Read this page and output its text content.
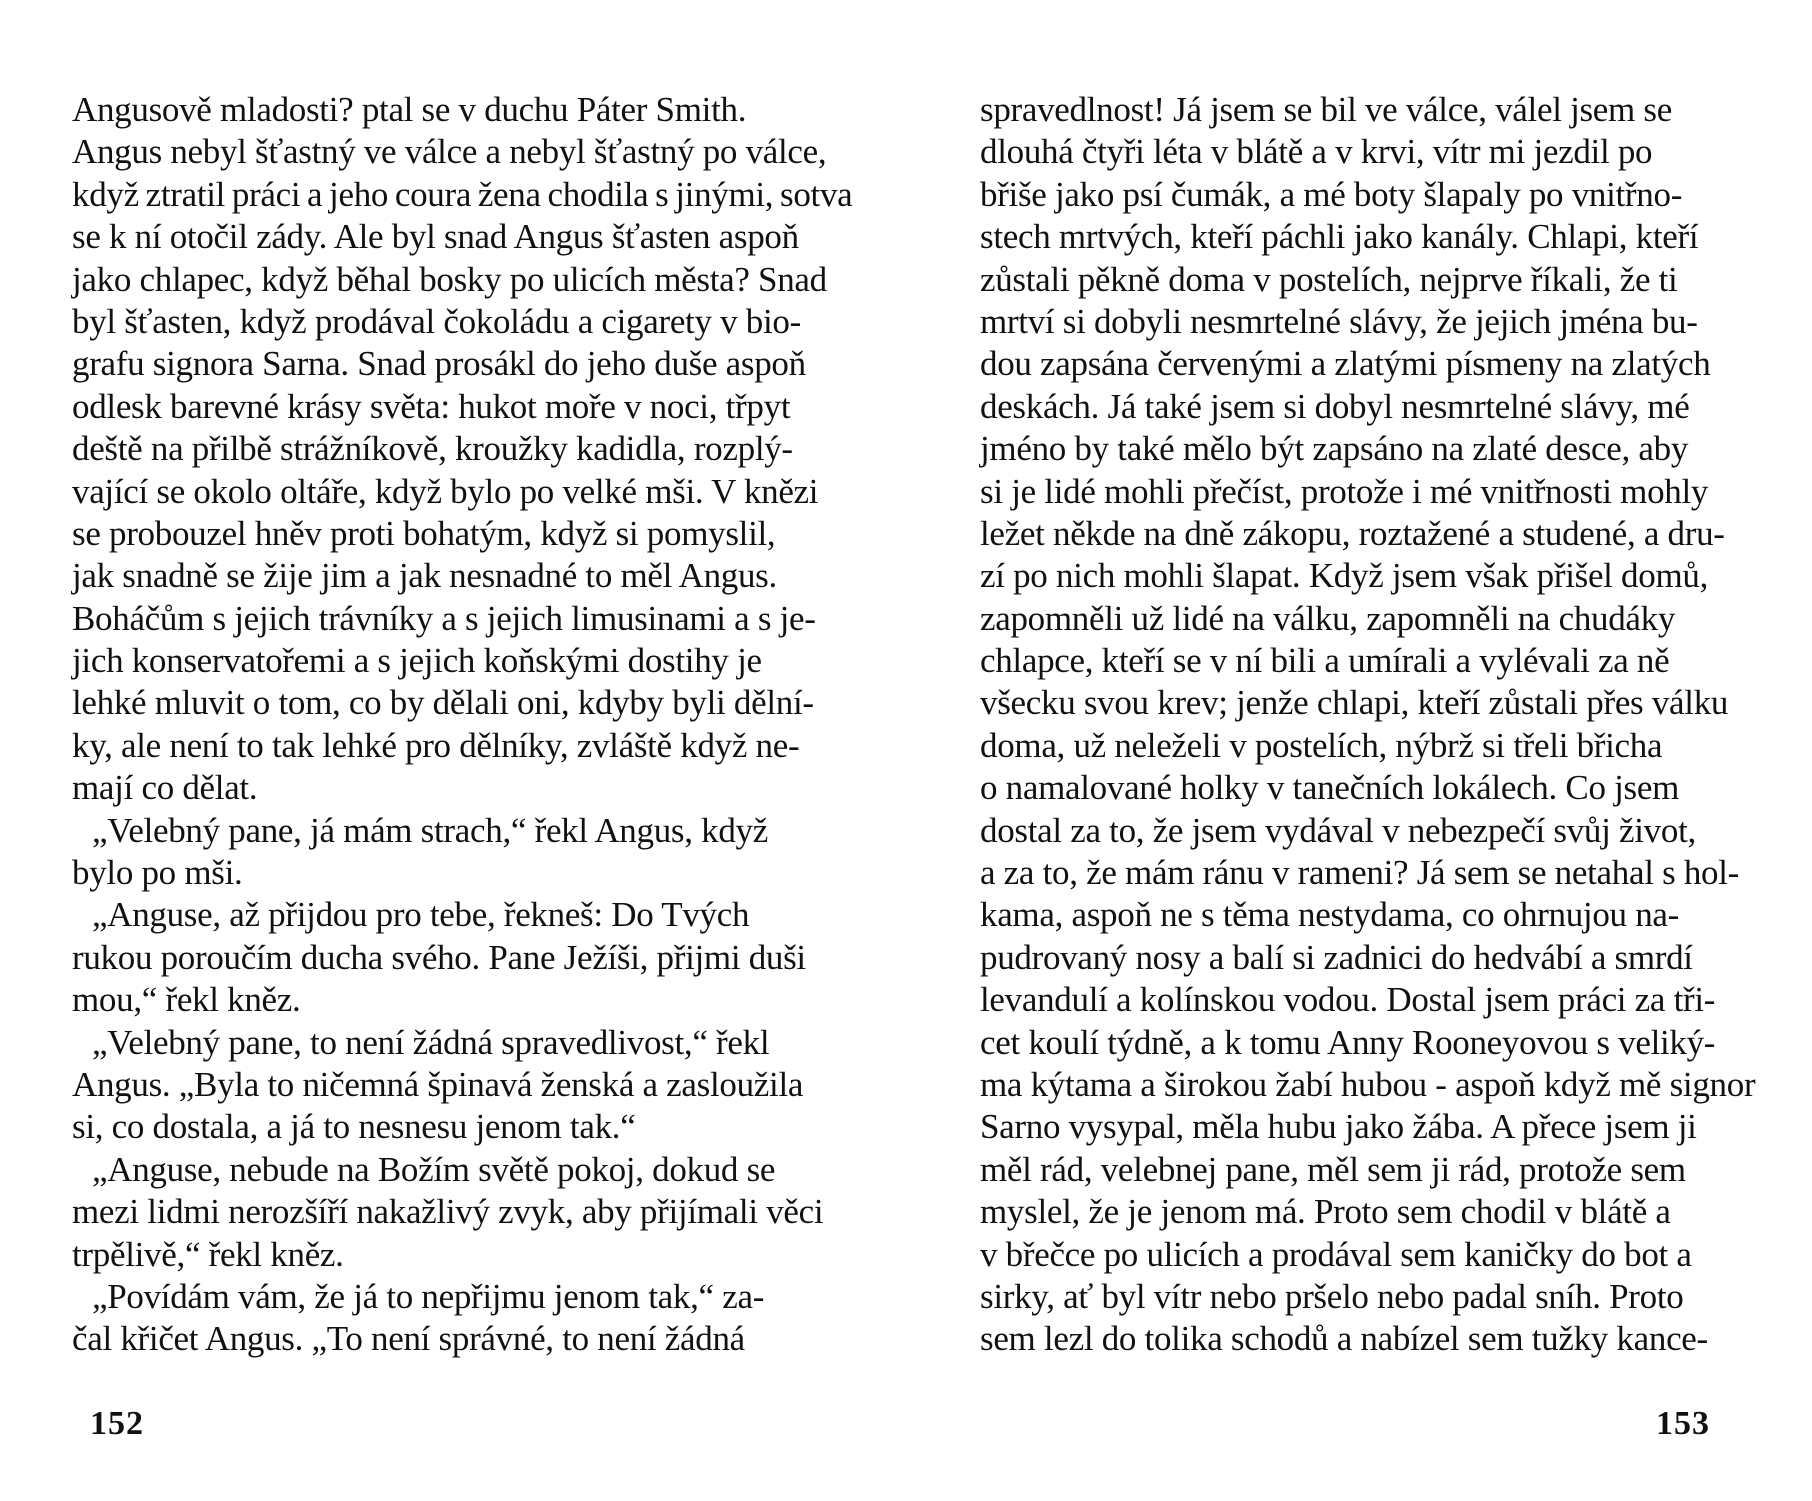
Angusově mladosti? ptal se v duchu Páter Smith.
Angus nebyl šťastný ve válce a nebyl šťastný po válce,
když ztratil práci a jeho coura žena chodila s jinými, sotva
se k ní otočil zády. Ale byl snad Angus šťasten aspoň
jako chlapec, když běhal bosky po ulicích města? Snad
byl šťasten, když prodával čokoládu a cigarety v bio-
grafu signora Sarna. Snad prosákl do jeho duše aspoň
odlesk barevné krásy světa: hukot moře v noci, třpyt
deště na přilbě strážníkově, kroužky kadidla, rozplý-
vající se okolo oltáře, když bylo po velké mši. V knězi
se probouzel hněv proti bohatým, když si pomyslil,
jak snadně se žije jim a jak nesnadné to měl Angus.
Boháčům s jejich trávníky a s jejich limusinami a s je-
jich konservatořemi a s jejich koňskými dostihy je
lehké mluvit o tom, co by dělali oni, kdyby byli dělní-
ky, ale není to tak lehké pro dělníky, zvláště když ne-
mají co dělat.
„Velebný pane, já mám strach,“ řekl Angus, když
bylo po mši.
„Anguse, až přijdou pro tebe, řekneš: Do Tvých
rukou poroučím ducha svého. Pane Ježíši, přijmi duši
mou,“ řekl kněz.
„Velebný pane, to není žádná spravedlivost,“ řekl
Angus. „Byla to ničemná špinavá ženská a zasloužila
si, co dostala, a já to nesnesu jenom tak.“
„Anguse, nebude na Božím světě pokoj, dokud se
mezi lidmi nerozšíří nakažlivý zvyk, aby přijímali věci
trpělivě,“ řekl kněz.
„Povídám vám, že já to nepřijmu jenom tak,“ za-
čal křičet Angus. „To není správné, to není žádná
152
spravedlnost! Já jsem se bil ve válce, válel jsem se
dlouhá čtyři léta v blátě a v krvi, vítr mi jezdil po
břiše jako psí čumák, a mé boty šlapaly po vnitřno-
stech mrtvých, kteří páchli jako kanály. Chlapi, kteří
zůstali pěkně doma v postelích, nejprve říkali, že ti
mrtví si dobyli nesmrtelné slávy, že jejich jména bu-
dou zapsána červenými a zlatými písmeny na zlatých
deskách. Já také jsem si dobyl nesmrtelné slávy, mé
jméno by také mělo být zapsáno na zlaté desce, aby
si je lidé mohli přečíst, protože i mé vnitřnosti mohly
ležet někde na dně zákopu, roztažené a studené, a dru-
zí po nich mohli šlapat. Když jsem však přišel domů,
zapomněli už lidé na válku, zapomněli na chudáky
chlapce, kteří se v ní bili a umírali a vylévali za ně
všecku svou krev; jenže chlapi, kteří zůstali přes válku
doma, už neleželi v postelích, nýbrž si třeli břicha
o namalované holky v tanečních lokálech. Co jsem
dostal za to, že jsem vydával v nebezpečí svůj život,
a za to, že mám ránu v rameni? Já sem se netahal s hol-
kama, aspoň ne s těma nestydama, co ohrnujou na-
pudrovaný nosy a balí si zadnici do hedvábí a smrdí
levandulí a kolínskou vodou. Dostal jsem práci za tři-
cet koulí týdně, a k tomu Anny Rooneyovou s veliký-
ma kýtama a širokou žabí hubou - aspoň když mě signor
Sarno vysypal, měla hubu jako žába. A přece jsem ji
měl rád, velebnej pane, měl sem ji rád, protože sem
myslel, že je jenom má. Proto sem chodil v blátě a
v břečce po ulicích a prodával sem kaničky do bot a
sirky, ať byl vítr nebo pršelo nebo padal sníh. Proto
sem lezl do tolika schodů a nabízel sem tužky kance-
153
